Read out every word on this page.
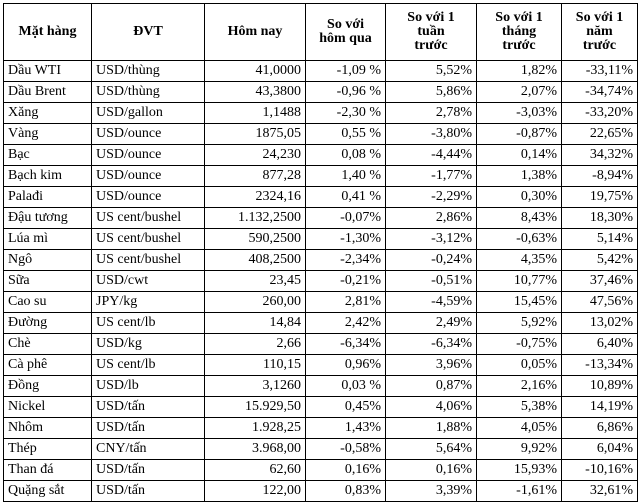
Mặt hàng	ĐVT	Hôm nay	So với hôm qua	So với 1 tuần trước	So với 1 tháng trước	So với 1 năm trước

Dầu WTI	USD/thùng	41,0000	-1,09 %	5,52%	1,82%	-33,11%
Dầu Brent	USD/thùng	43,3800	-0,96 %	5,86%	2,07%	-34,74%
Xăng	USD/gallon	1,1488	-2,30 %	2,78%	-3,03%	-33,20%
Vàng	USD/ounce	1875,05	0,55 %	-3,80%	-0,87%	22,65%
Bạc	USD/ounce	24,230	0,08 %	-4,44%	0,14%	34,32%
Bạch kim	USD/ounce	877,28	1,40 %	-1,77%	1,38%	-8,94%
Palađi	USD/ounce	2324,16	0,41 %	-2,29%	0,30%	19,75%
Đậu tương	US cent/bushel	1.132,2500	-0,07%	2,86%	8,43%	18,30%
Lúa mì	US cent/bushel	590,2500	-1,30%	-3,12%	-0,63%	5,14%
Ngô	US cent/bushel	408,2500	-2,34%	-0,24%	4,35%	5,42%
Sữa	USD/cwt	23,45	-0,21%	-0,51%	10,77%	37,46%
Cao su	JPY/kg	260,00	2,81%	-4,59%	15,45%	47,56%
Đường	US cent/lb	14,84	2,42%	2,49%	5,92%	13,02%
Chè	USD/kg	2,66	-6,34%	-6,34%	-0,75%	6,40%
Cà phê	US cent/lb	110,15	0,96%	3,96%	0,05%	-13,34%
Đồng	USD/lb	3,1260	0,03 %	0,87%	2,16%	10,89%
Nickel	USD/tấn	15.929,50	0,45%	4,06%	5,38%	14,19%
Nhôm	USD/tấn	1.928,25	1,43%	1,88%	4,05%	6,86%
Thép	CNY/tấn	3.968,00	-0,58%	5,64%	9,92%	6,04%
Than đá	USD/tấn	62,60	0,16%	0,16%	15,93%	-10,16%
Quặng sắt	USD/tấn	122,00	0,83%	3,39%	-1,61%	32,61%
